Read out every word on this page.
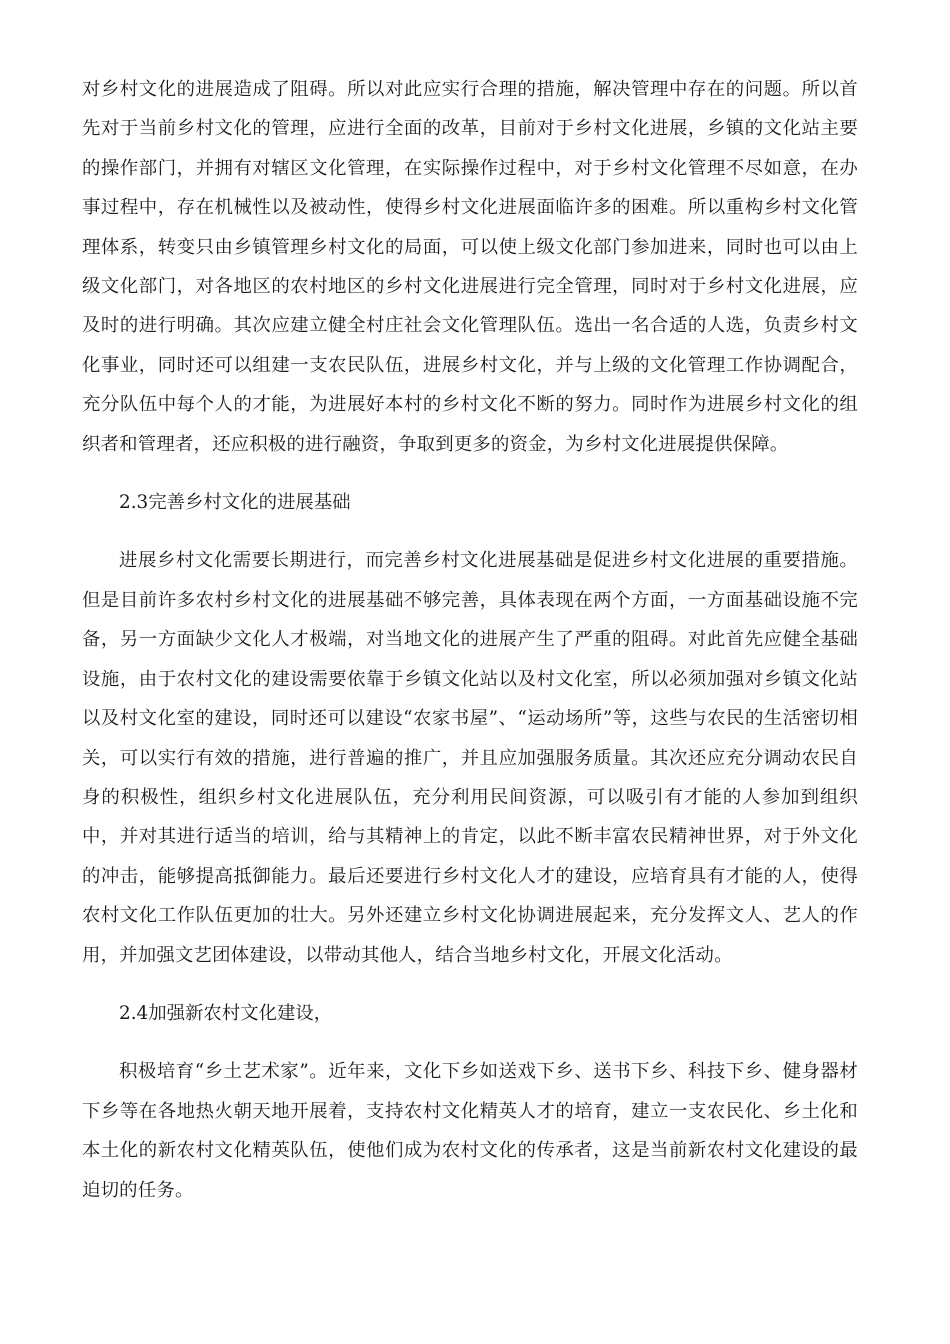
对乡村文化的进展造成了阻碍。所以对此应实行合理的措施，解决管理中存在的问题。所以首先对于当前乡村文化的管理，应进行全面的改革，目前对于乡村文化进展，乡镇的文化站主要的操作部门，并拥有对辖区文化管理，在实际操作过程中，对于乡村文化管理不尽如意，在办事过程中，存在机械性以及被动性，使得乡村文化进展面临许多的困难。所以重构乡村文化管理体系，转变只由乡镇管理乡村文化的局面，可以使上级文化部门参加进来，同时也可以由上级文化部门，对各地区的农村地区的乡村文化进展进行完全管理，同时对于乡村文化进展，应及时的进行明确。其次应建立健全村庄社会文化管理队伍。选出一名合适的人选，负责乡村文化事业，同时还可以组建一支农民队伍，进展乡村文化，并与上级的文化管理工作协调配合，充分队伍中每个人的才能，为进展好本村的乡村文化不断的努力。同时作为进展乡村文化的组织者和管理者，还应积极的进行融资，争取到更多的资金，为乡村文化进展提供保障。

2.3完善乡村文化的进展基础

进展乡村文化需要长期进行，而完善乡村文化进展基础是促进乡村文化进展的重要措施。但是目前许多农村乡村文化的进展基础不够完善，具体表现在两个方面，一方面基础设施不完备，另一方面缺少文化人才极端，对当地文化的进展产生了严重的阻碍。对此首先应健全基础设施，由于农村文化的建设需要依靠于乡镇文化站以及村文化室，所以必须加强对乡镇文化站以及村文化室的建设，同时还可以建设“农家书屋”、“运动场所”等，这些与农民的生活密切相关，可以实行有效的措施，进行普遍的推广，并且应加强服务质量。其次还应充分调动农民自身的积极性，组织乡村文化进展队伍，充分利用民间资源，可以吸引有才能的人参加到组织中，并对其进行适当的培训，给与其精神上的肯定，以此不断丰富农民精神世界，对于外文化的冲击，能够提高抵御能力。最后还要进行乡村文化人才的建设，应培育具有才能的人，使得农村文化工作队伍更加的壮大。另外还建立乡村文化协调进展起来，充分发挥文人、艺人的作用，并加强文艺团体建设，以带动其他人，结合当地乡村文化，开展文化活动。

2.4加强新农村文化建设，

积极培育“乡土艺术家”。近年来，文化下乡如送戏下乡、送书下乡、科技下乡、健身器材下乡等在各地热火朝天地开展着，支持农村文化精英人才的培育，建立一支农民化、乡土化和本土化的新农村文化精英队伍，使他们成为农村文化的传承者，这是当前新农村文化建设的最迫切的任务。
